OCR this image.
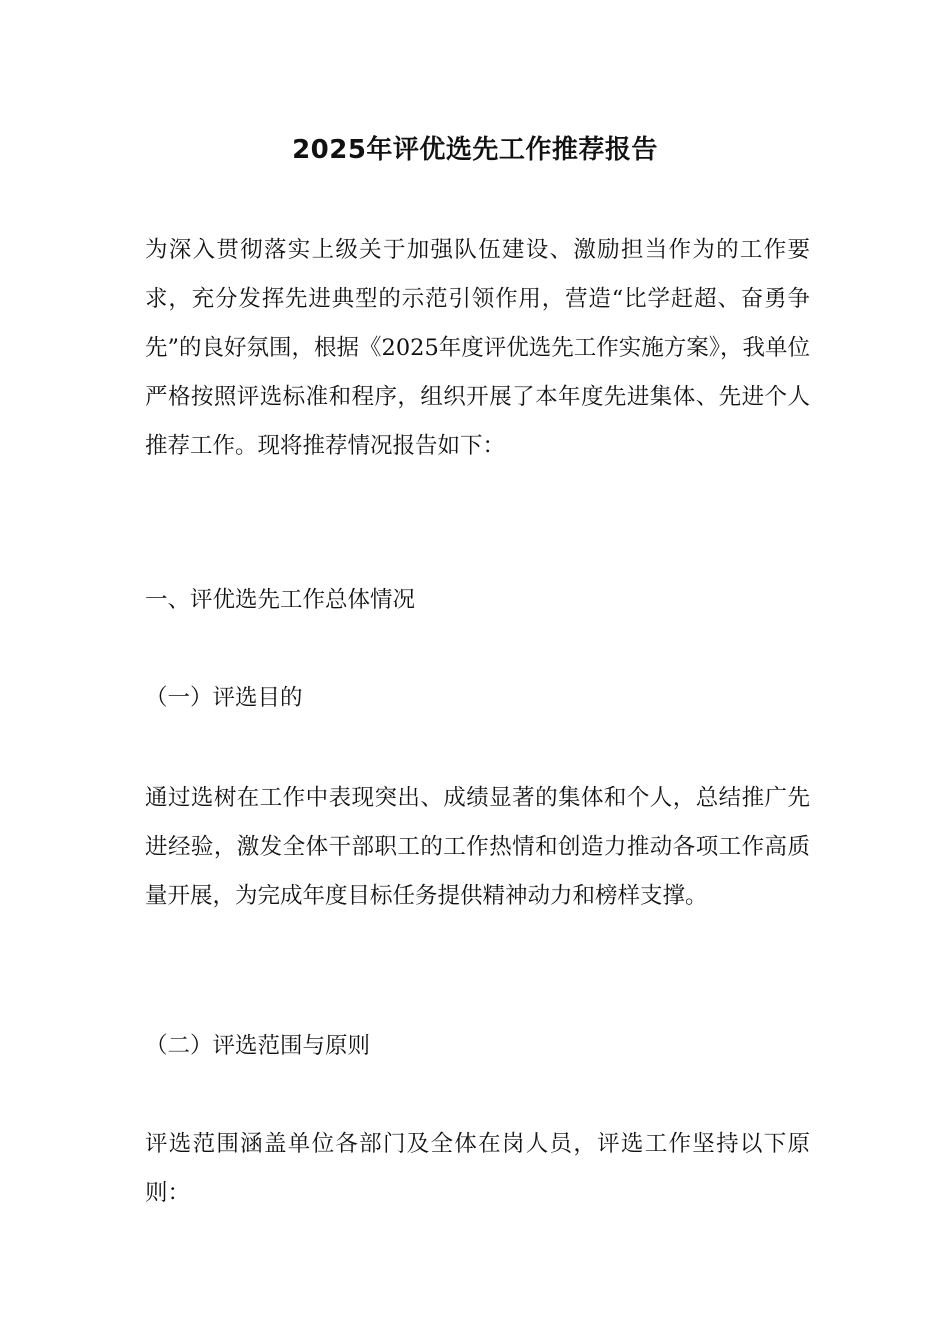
2025年评优选先工作推荐报告

为深入贯彻落实上级关于加强队伍建设、激励担当作为的工作要求，充分发挥先进典型的示范引领作用，营造“比学赶超、奋勇争先”的良好氛围，根据《2025年度评优选先工作实施方案》，我单位严格按照评选标准和程序，组织开展了本年度先进集体、先进个人推荐工作。现将推荐情况报告如下：

一、评优选先工作总体情况

（一）评选目的

通过选树在工作中表现突出、成绩显著的集体和个人，总结推广先进经验，激发全体干部职工的工作热情和创造力推动各项工作高质量开展，为完成年度目标任务提供精神动力和榜样支撑。

（二）评选范围与原则

评选范围涵盖单位各部门及全体在岗人员，评选工作坚持以下原则：
